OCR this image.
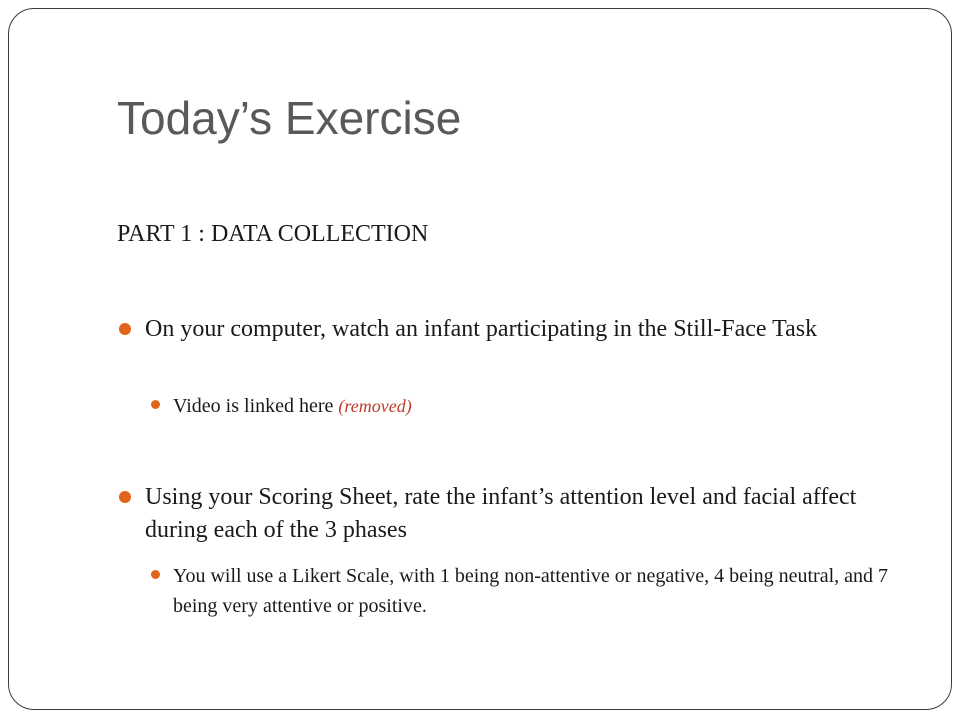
Today’s Exercise

PART 1 : DATA COLLECTION

On your computer, watch an infant participating in the Still-Face Task
Video is linked here (removed)
Using your Scoring Sheet, rate the infant’s attention level and facial affect during each of the 3 phases
You will use a Likert Scale, with 1 being non-attentive or negative, 4 being neutral, and 7 being very attentive or positive.
